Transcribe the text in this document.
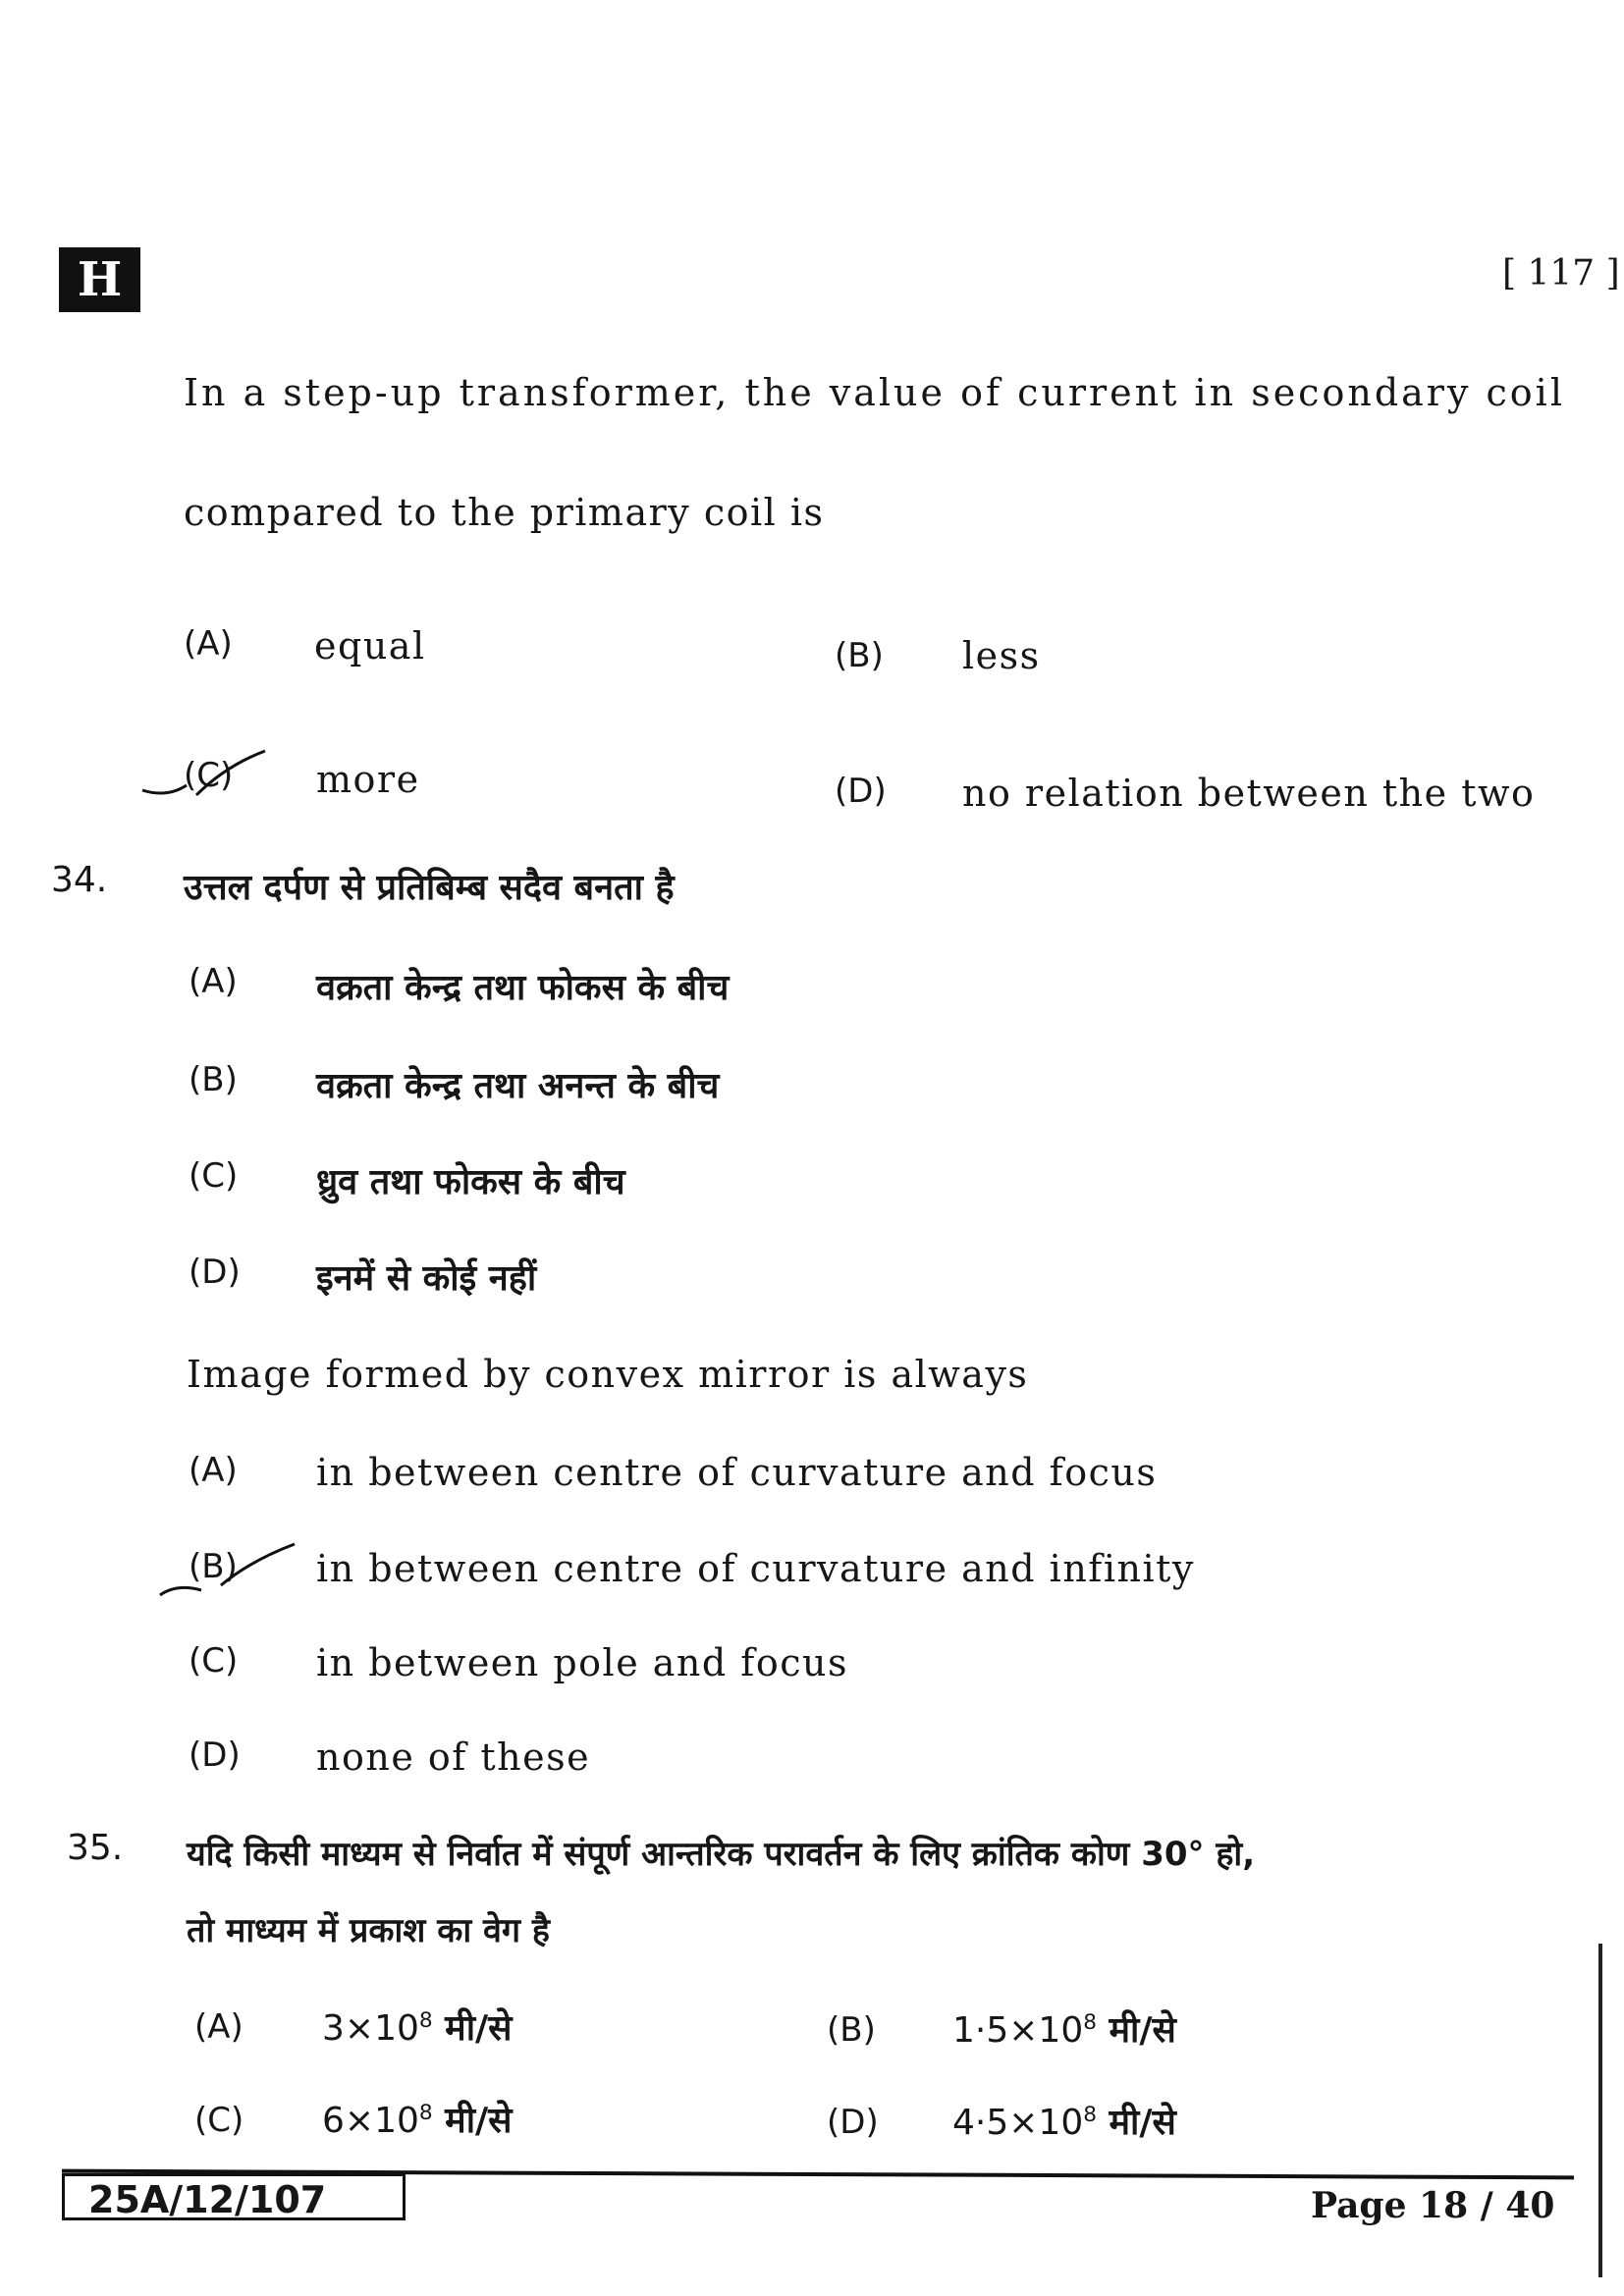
H	[ 117 ]
In a step-up transformer, the value of current in secondary coil
compared to the primary coil is
(A) equal	(B) less
(C) more	(D) no relation between the two
34. उत्तल दर्पण से प्रतिबिम्ब सदैव बनता है
(A) वक्रता केन्द्र तथा फोकस के बीच
(B) वक्रता केन्द्र तथा अनन्त के बीच
(C) ध्रुव तथा फोकस के बीच
(D) इनमें से कोई नहीं
Image formed by convex mirror is always
(A) in between centre of curvature and focus
(B) in between centre of curvature and infinity
(C) in between pole and focus
(D) none of these
35. यदि किसी माध्यम से निर्वात में संपूर्ण आन्तरिक परावर्तन के लिए क्रांतिक कोण 30° हो,
तो माध्यम में प्रकाश का वेग है
(A) $3\times 10^8$ मी/से	(B) $1\cdot 5\times 10^8$ मी/से
(C) $6\times 10^8$ मी/से	(D) $4\cdot 5\times 10^8$ मी/से
25A/12/107	Page 18 / 40
